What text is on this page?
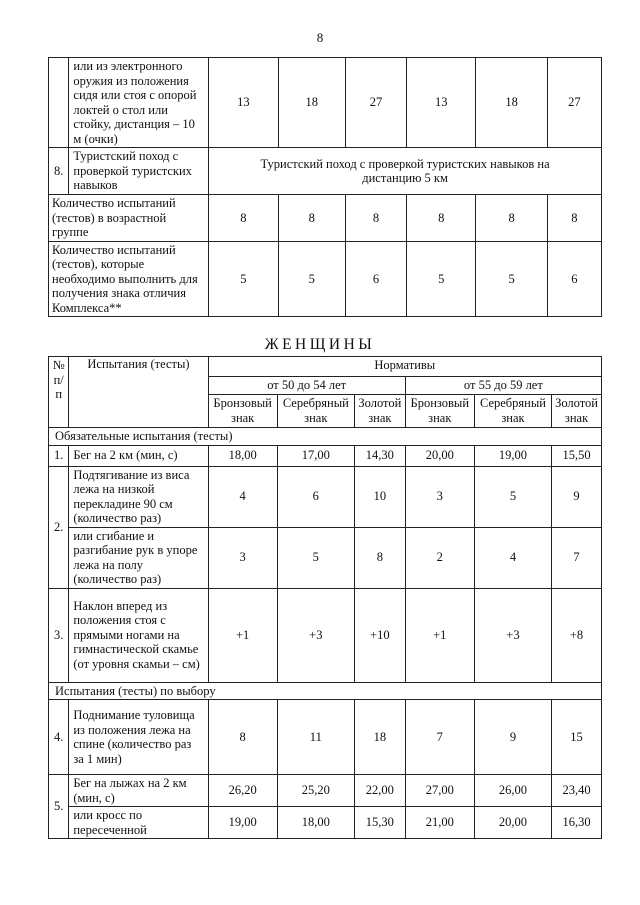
8
	или из электронного оружия из положения сидя или стоя с опорой локтей о стол или стойку, дистанция – 10 м (очки)	13	18	27	13	18	27
8.	Туристский поход с проверкой туристских навыков	Туристский поход с проверкой туристских навыков на дистанцию 5 км					
Количество испытаний (тестов) в возрастной группе		8	8	8	8	8	8
Количество испытаний (тестов), которые необходимо выполнить для получения знака отличия Комплекса**		5	5	6	5	5	6
ЖЕНЩИНЫ
№ п/п	Испытания (тесты)	Нормативы					
		от 50 до 54 лет			от 55 до 59 лет		
		Бронзовый знак	Серебряный знак	Золотой знак	Бронзовый знак	Серебряный знак	Золотой знак
Обязательные испытания (тесты)							
1.	Бег на 2 км (мин, с)	18,00	17,00	14,30	20,00	19,00	15,50
2.	Подтягивание из виса лежа на низкой перекладине 90 см (количество раз)	4	6	10	3	5	9
	или сгибание и разгибание рук в упоре лежа на полу (количество раз)	3	5	8	2	4	7
3.	Наклон вперед из положения стоя с прямыми ногами на гимнастической скамье (от уровня скамьи – см)	+1	+3	+10	+1	+3	+8
Испытания (тесты) по выбору							
4.	Поднимание туловища из положения лежа на спине (количество раз за 1 мин)	8	11	18	7	9	15
5.	Бег на лыжах на 2 км (мин, с)	26,20	25,20	22,00	27,00	26,00	23,40
	или кросс по пересеченной	19,00	18,00	15,30	21,00	20,00	16,30
